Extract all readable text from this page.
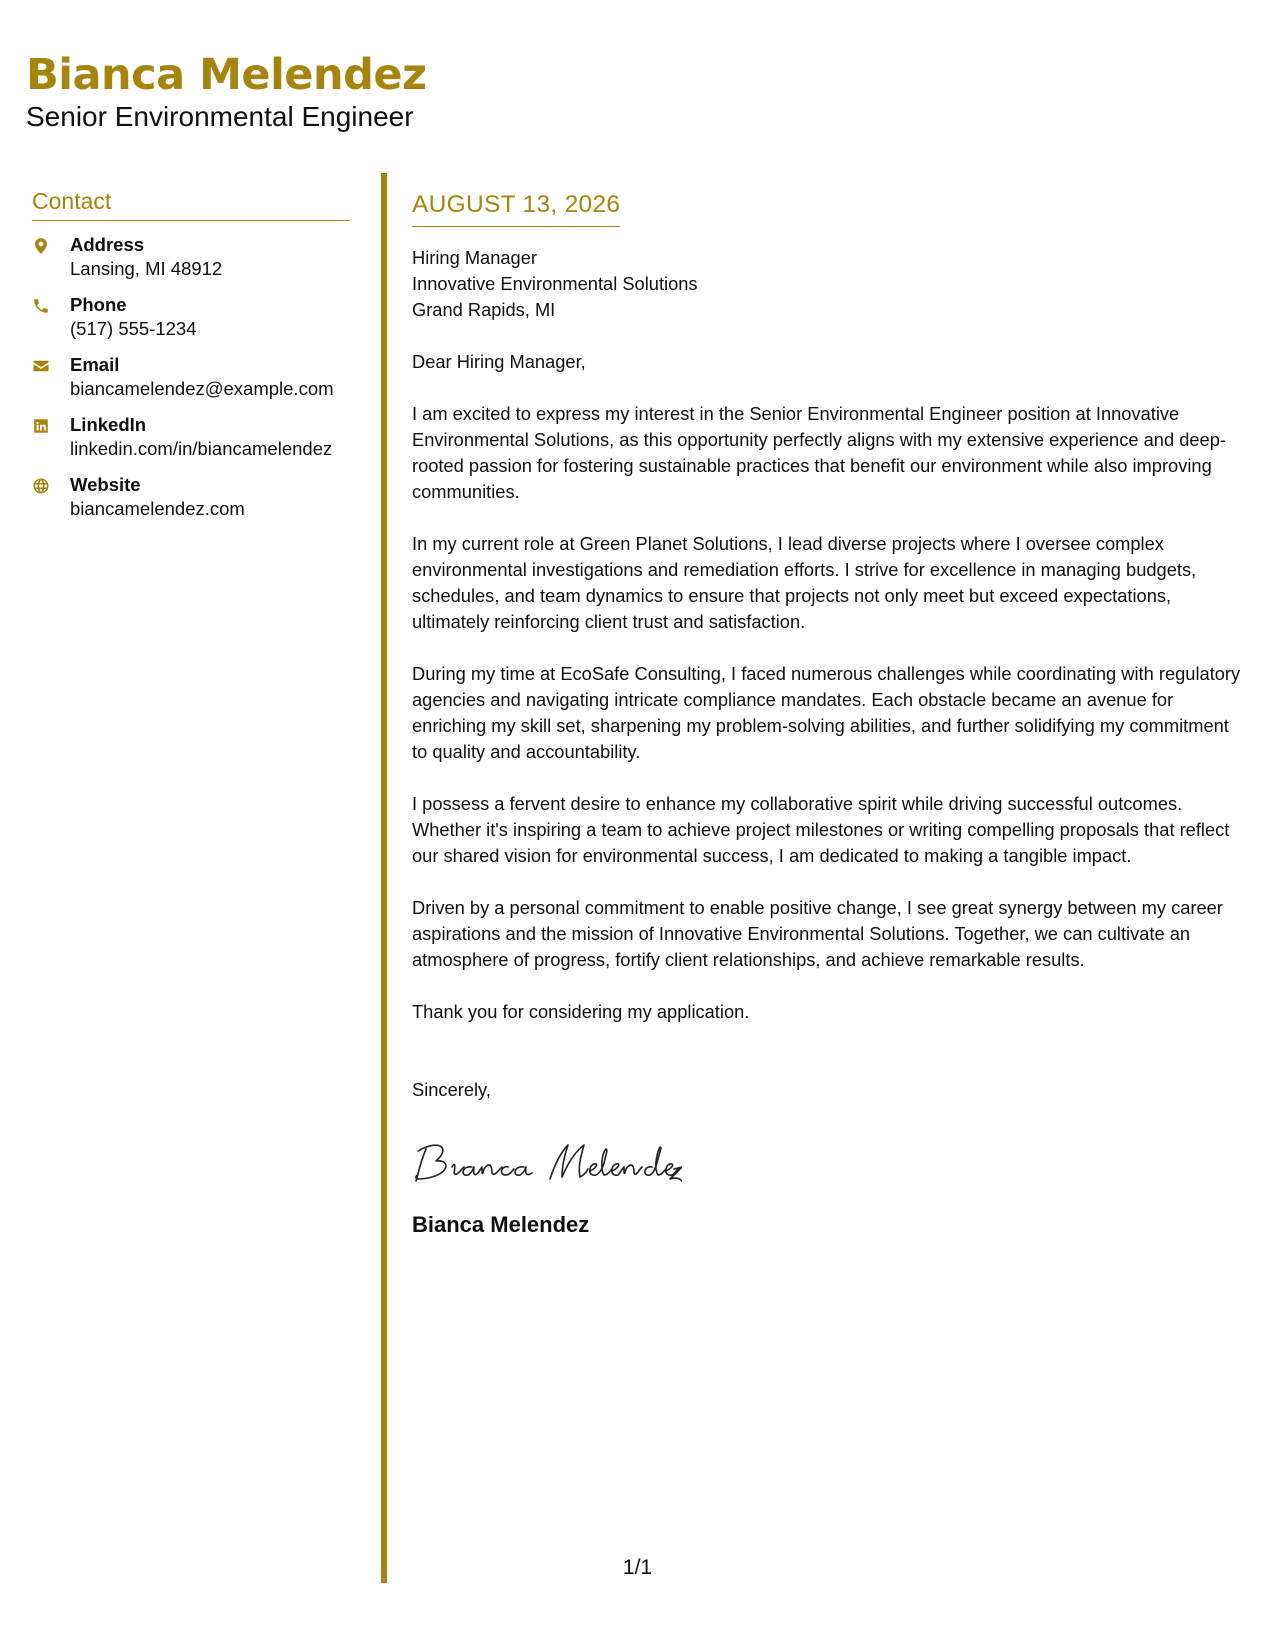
Bianca Melendez
Senior Environmental Engineer
Contact
Address
Lansing, MI 48912
Phone
(517) 555-1234
Email
biancamelendez@example.com
LinkedIn
linkedin.com/in/biancamelendez
Website
biancamelendez.com
AUGUST 13, 2026
Hiring Manager
Innovative Environmental Solutions
Grand Rapids, MI
Dear Hiring Manager,

I am excited to express my interest in the Senior Environmental Engineer position at Innovative Environmental Solutions, as this opportunity perfectly aligns with my extensive experience and deep-rooted passion for fostering sustainable practices that benefit our environment while also improving communities.

In my current role at Green Planet Solutions, I lead diverse projects where I oversee complex environmental investigations and remediation efforts. I strive for excellence in managing budgets, schedules, and team dynamics to ensure that projects not only meet but exceed expectations, ultimately reinforcing client trust and satisfaction.

During my time at EcoSafe Consulting, I faced numerous challenges while coordinating with regulatory agencies and navigating intricate compliance mandates. Each obstacle became an avenue for enriching my skill set, sharpening my problem-solving abilities, and further solidifying my commitment to quality and accountability.

I possess a fervent desire to enhance my collaborative spirit while driving successful outcomes. Whether it's inspiring a team to achieve project milestones or writing compelling proposals that reflect our shared vision for environmental success, I am dedicated to making a tangible impact.

Driven by a personal commitment to enable positive change, I see great synergy between my career aspirations and the mission of Innovative Environmental Solutions. Together, we can cultivate an atmosphere of progress, fortify client relationships, and achieve remarkable results.

Thank you for considering my application.

Sincerely,
Bianca Melendez
1/1
